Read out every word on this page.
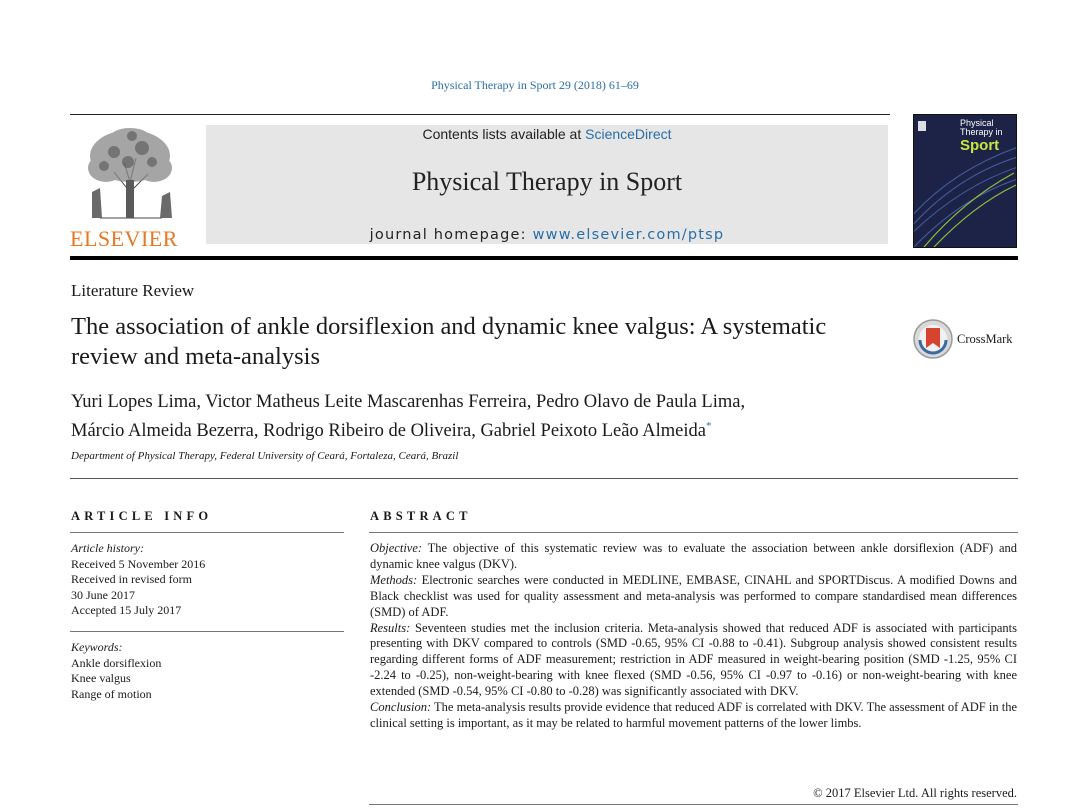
Physical Therapy in Sport 29 (2018) 61–69
ELSEVIER
Contents lists available at ScienceDirect
Physical Therapy in Sport
journal homepage: www.elsevier.com/ptsp
Physical
Therapy in
Sport
Literature Review
The association of ankle dorsiflexion and dynamic knee valgus: A systematic review and meta-analysis
CrossMark
Yuri Lopes Lima, Victor Matheus Leite Mascarenhas Ferreira, Pedro Olavo de Paula Lima,
Márcio Almeida Bezerra, Rodrigo Ribeiro de Oliveira, Gabriel Peixoto Leão Almeida*
Department of Physical Therapy, Federal University of Ceará, Fortaleza, Ceará, Brazil
ARTICLE INFO	ABSTRACT
Article history:
Received 5 November 2016
Received in revised form
30 June 2017
Accepted 15 July 2017
Keywords:
Ankle dorsiflexion
Knee valgus
Range of motion

Objective: The objective of this systematic review was to evaluate the association between ankle dorsiflexion (ADF) and dynamic knee valgus (DKV).

Methods: Electronic searches were conducted in MEDLINE, EMBASE, CINAHL and SPORTDiscus. A modified Downs and Black checklist was used for quality assessment and meta-analysis was performed to compare standardised mean differences (SMD) of ADF.

Results: Seventeen studies met the inclusion criteria. Meta-analysis showed that reduced ADF is associated with participants presenting with DKV compared to controls (SMD -0.65, 95% CI -0.88 to -0.41). Subgroup analysis showed consistent results regarding different forms of ADF measurement; restriction in ADF measured in weight-bearing position (SMD -1.25, 95% CI -2.24 to -0.25), non-weight-bearing with knee flexed (SMD -0.56, 95% CI -0.97 to -0.16) or non-weight-bearing with knee extended (SMD -0.54, 95% CI -0.80 to -0.28) was significantly associated with DKV.

Conclusion: The meta-analysis results provide evidence that reduced ADF is correlated with DKV. The assessment of ADF in the clinical setting is important, as it may be related to harmful movement patterns of the lower limbs.

© 2017 Elsevier Ltd. All rights reserved.
